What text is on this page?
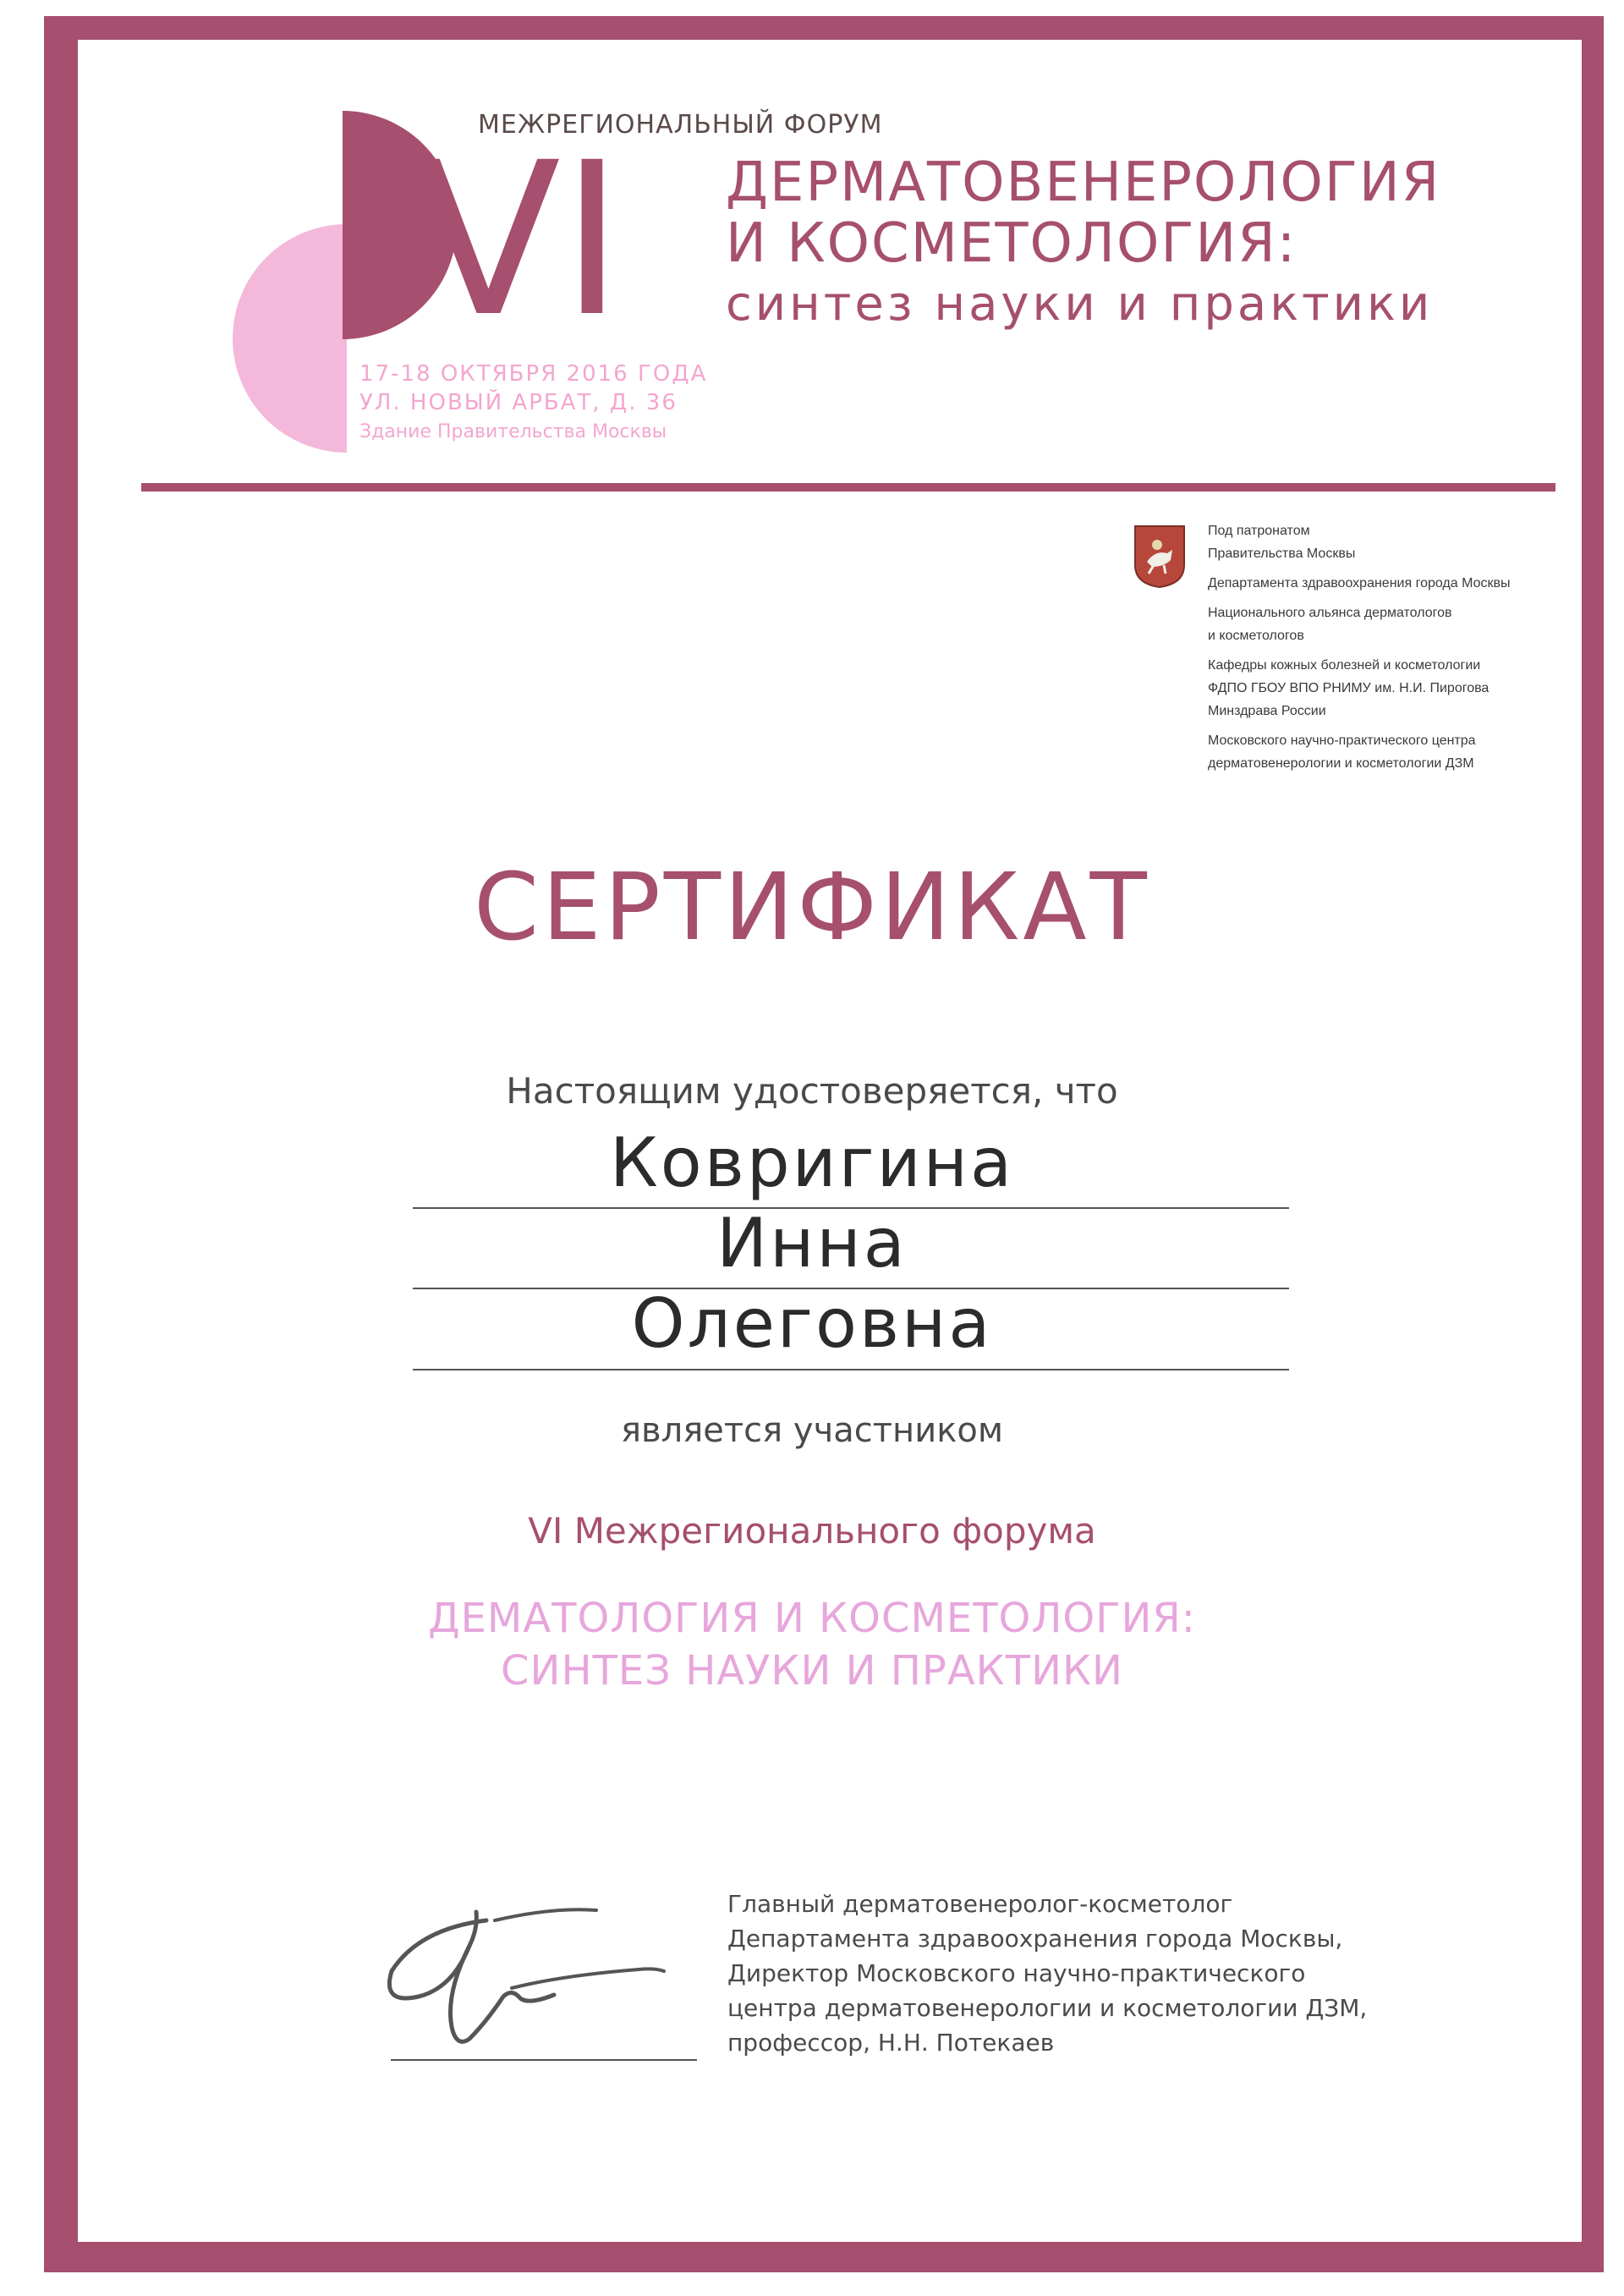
VI
МЕЖРЕГИОНАЛЬНЫЙ ФОРУМ
ДЕРМАТОВЕНЕРОЛОГИЯ
И КОСМЕТОЛОГИЯ:
синтез науки и практики
17-18 ОКТЯБРЯ 2016 ГОДА
УЛ. НОВЫЙ АРБАТ, Д. 36
Здание Правительства Москвы
Под патронатом
Правительства Москвы
Департамента здравоохранения города Москвы
Национального альянса дерматологов
и косметологов
Кафедры кожных болезней и косметологии
ФДПО ГБОУ ВПО РНИМУ им. Н.И. Пирогова
Минздрава России
Московского научно-практического центра
дерматовенерологии и косметологии ДЗМ
СЕРТИФИКАТ
Настоящим удостоверяется, что
Ковригина
Инна
Олеговна
является участником
VI Межрегионального форума
ДЕМАТОЛОГИЯ И КОСМЕТОЛОГИЯ:
СИНТЕЗ НАУКИ И ПРАКТИКИ
Главный дерматовенеролог-косметолог
Департамента здравоохранения города Москвы,
Директор Московского научно-практического
центра дерматовенерологии и косметологии ДЗМ,
профессор, Н.Н. Потекаев
